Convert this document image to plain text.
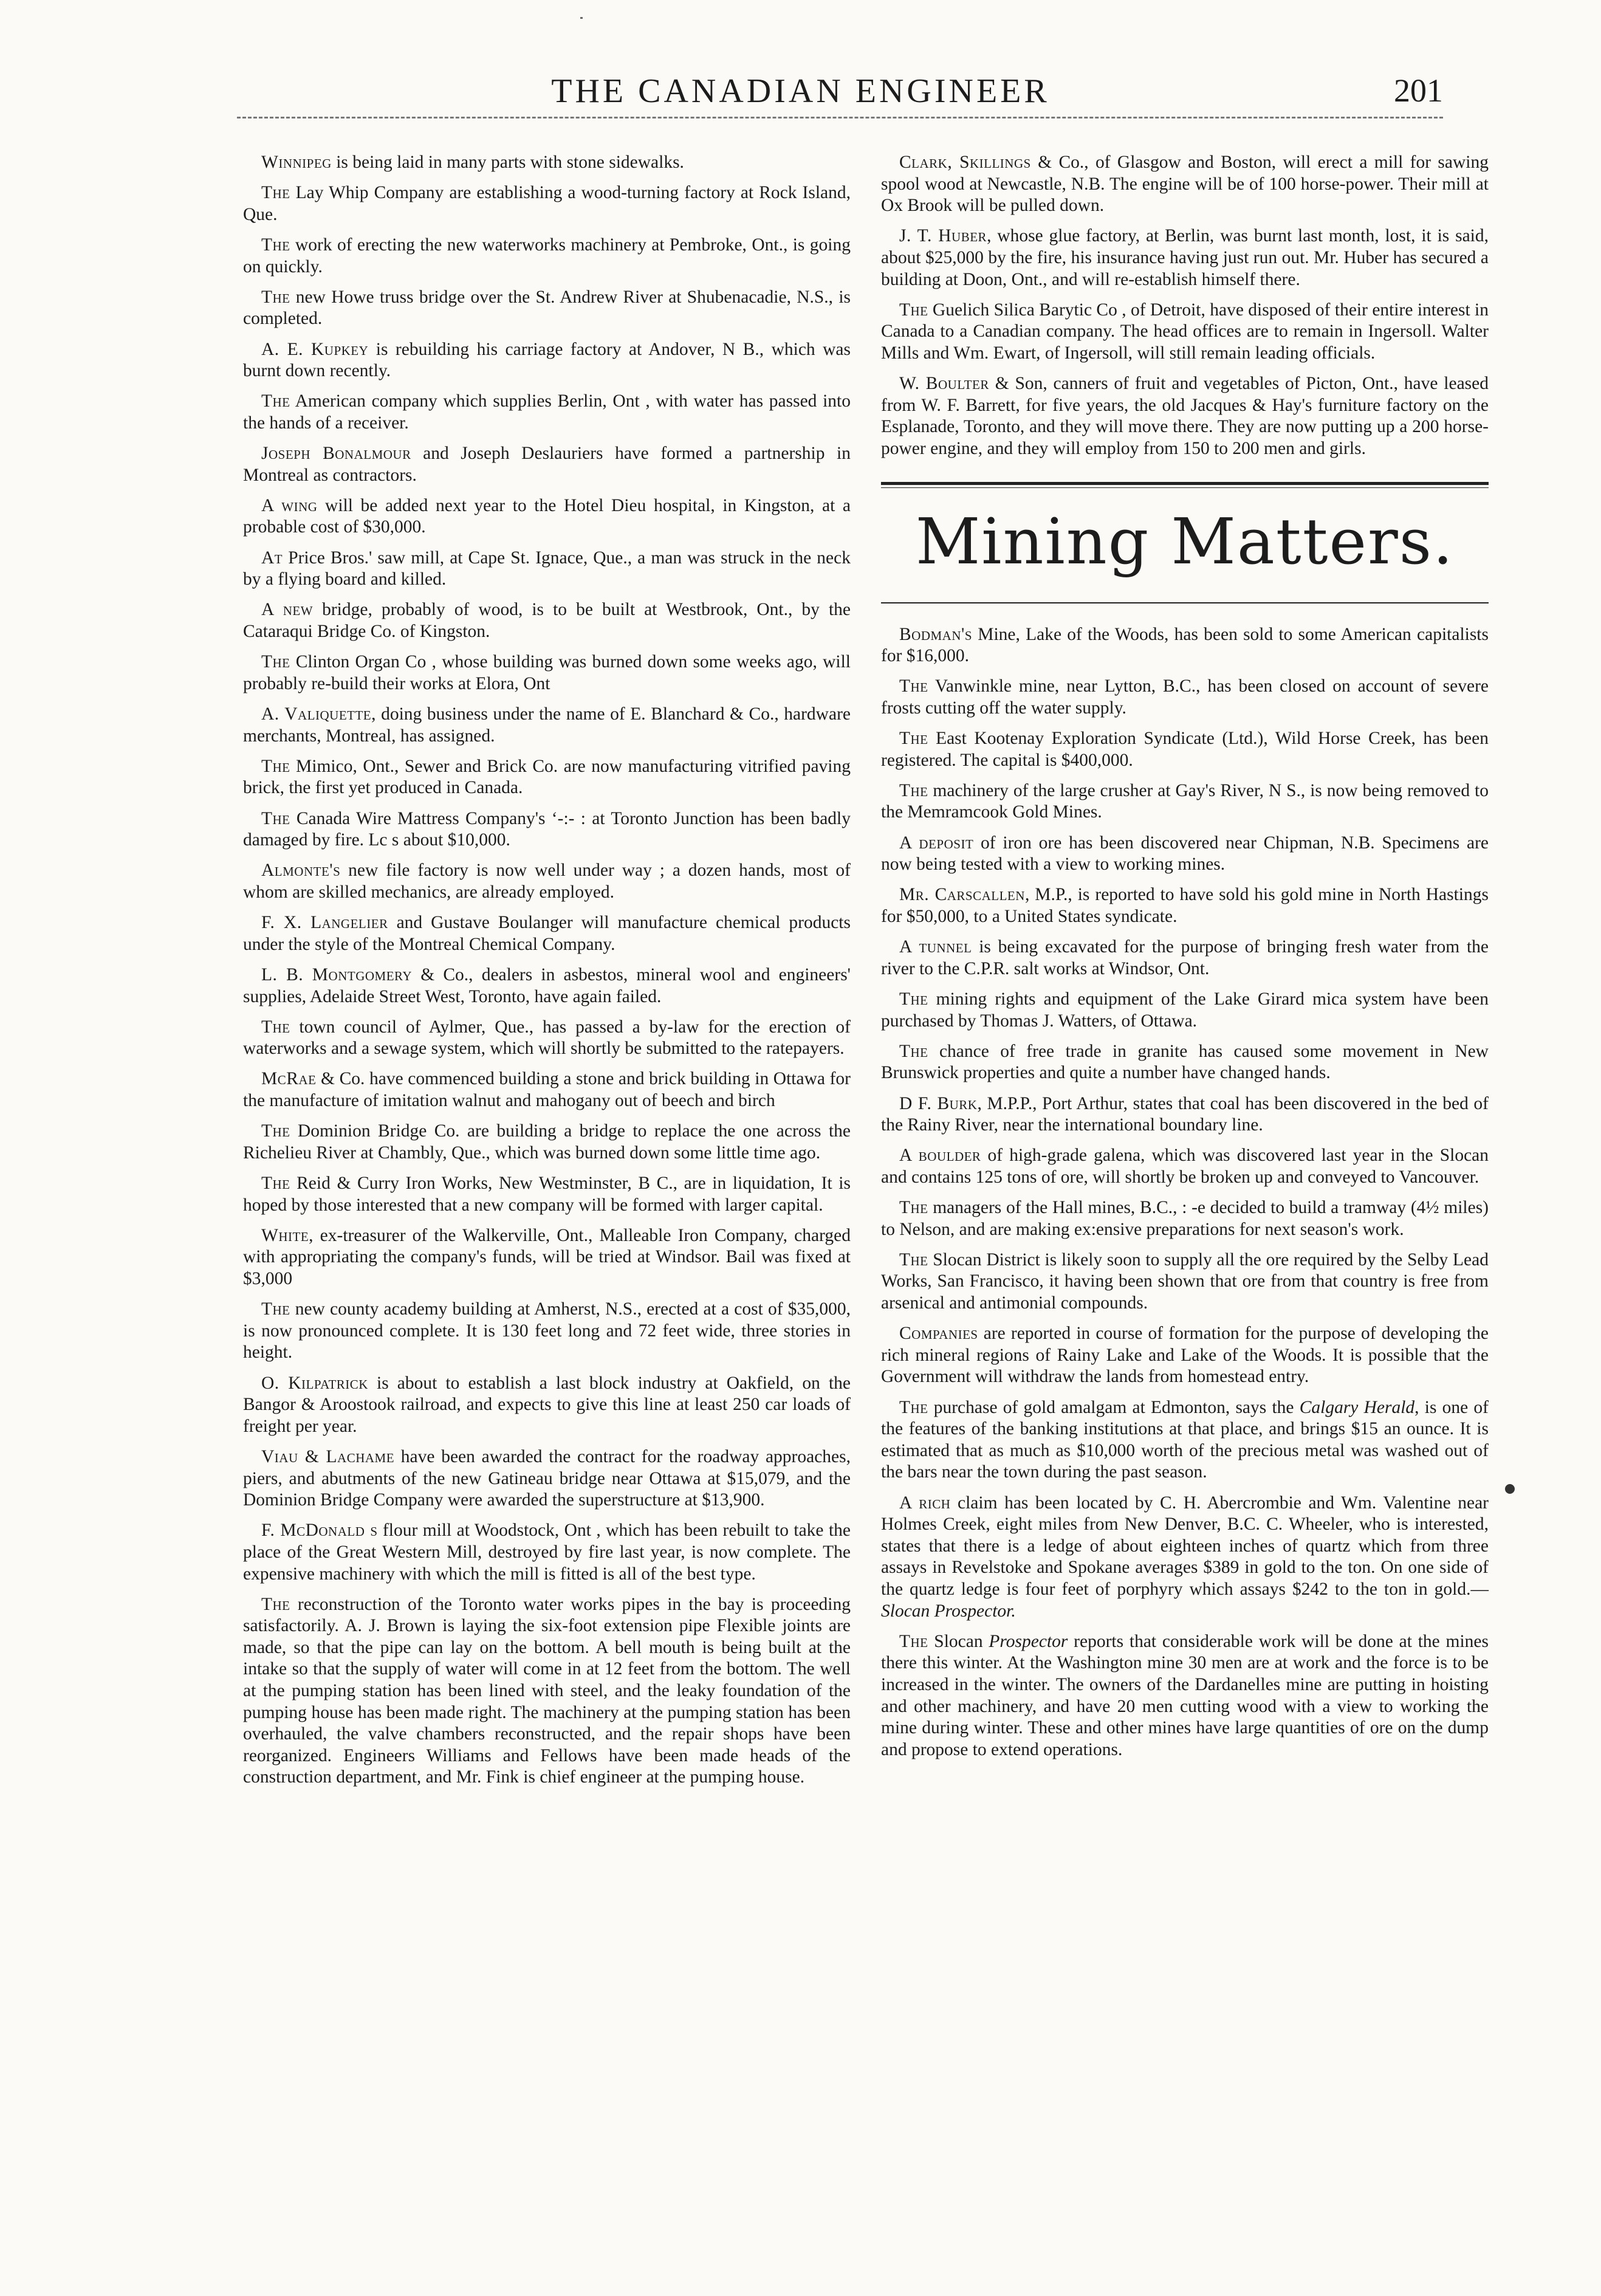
THE CANADIAN ENGINEER	201

Winnipeg is being laid in many parts with stone sidewalks.

The Lay Whip Company are establishing a wood-turning factory at Rock Island, Que.

The work of erecting the new waterworks machinery at Pembroke, Ont., is going on quickly.

The new Howe truss bridge over the St. Andrew River at Shubenacadie, N.S., is completed.

A. E. Kupkey is rebuilding his carriage factory at Andover, N B., which was burnt down recently.

The American company which supplies Berlin, Ont , with water has passed into the hands of a receiver.

Joseph Bonalmour and Joseph Deslauriers have formed a partnership in Montreal as contractors.

A wing will be added next year to the Hotel Dieu hospital, in Kingston, at a probable cost of $30,000.

At Price Bros.' saw mill, at Cape St. Ignace, Que., a man was struck in the neck by a flying board and killed.

A new bridge, probably of wood, is to be built at Westbrook, Ont., by the Cataraqui Bridge Co. of Kingston.

The Clinton Organ Co , whose building was burned down some weeks ago, will probably re-build their works at Elora, Ont

A. Valiquette, doing business under the name of E. Blanchard & Co., hardware merchants, Montreal, has assigned.

The Mimico, Ont., Sewer and Brick Co. are now manufacturing vitrified paving brick, the first yet produced in Canada.

The Canada Wire Mattress Company's ‘-:- : at Toronto Junction has been badly damaged by fire. Lc s about $10,000.

Almonte's new file factory is now well under way ; a dozen hands, most of whom are skilled mechanics, are already employed.

F. X. Langelier and Gustave Boulanger will manufacture chemical products under the style of the Montreal Chemical Company.

L. B. Montgomery & Co., dealers in asbestos, mineral wool and engineers' supplies, Adelaide Street West, Toronto, have again failed.

The town council of Aylmer, Que., has passed a by-law for the erection of waterworks and a sewage system, which will shortly be submitted to the ratepayers.

McRae & Co. have commenced building a stone and brick building in Ottawa for the manufacture of imitation walnut and mahogany out of beech and birch

The Dominion Bridge Co. are building a bridge to replace the one across the Richelieu River at Chambly, Que., which was burned down some little time ago.

The Reid & Curry Iron Works, New Westminster, B C., are in liquidation, It is hoped by those interested that a new company will be formed with larger capital.

White, ex-treasurer of the Walkerville, Ont., Malleable Iron Company, charged with appropriating the company's funds, will be tried at Windsor. Bail was fixed at $3,000

The new county academy building at Amherst, N.S., erected at a cost of $35,000, is now pronounced complete. It is 130 feet long and 72 feet wide, three stories in height.

O. Kilpatrick is about to establish a last block industry at Oakfield, on the Bangor & Aroostook railroad, and expects to give this line at least 250 car loads of freight per year.

Viau & Lachame have been awarded the contract for the roadway approaches, piers, and abutments of the new Gatineau bridge near Ottawa at $15,079, and the Dominion Bridge Company were awarded the superstructure at $13,900.

F. McDonald s flour mill at Woodstock, Ont , which has been rebuilt to take the place of the Great Western Mill, destroyed by fire last year, is now complete. The expensive machinery with which the mill is fitted is all of the best type.

The reconstruction of the Toronto water works pipes in the bay is proceeding satisfactorily. A. J. Brown is laying the six-foot extension pipe Flexible joints are made, so that the pipe can lay on the bottom. A bell mouth is being built at the intake so that the supply of water will come in at 12 feet from the bottom. The well at the pumping station has been lined with steel, and the leaky foundation of the pumping house has been made right. The machinery at the pumping station has been overhauled, the valve chambers reconstructed, and the repair shops have been reorganized. Engineers Williams and Fellows have been made heads of the construction department, and Mr. Fink is chief engineer at the pumping house.

Clark, Skillings & Co., of Glasgow and Boston, will erect a mill for sawing spool wood at Newcastle, N.B. The engine will be of 100 horse-power. Their mill at Ox Brook will be pulled down.

J. T. Huber, whose glue factory, at Berlin, was burnt last month, lost, it is said, about $25,000 by the fire, his insurance having just run out. Mr. Huber has secured a building at Doon, Ont., and will re-establish himself there.

The Guelich Silica Barytic Co , of Detroit, have disposed of their entire interest in Canada to a Canadian company. The head offices are to remain in Ingersoll. Walter Mills and Wm. Ewart, of Ingersoll, will still remain leading officials.

W. Boulter & Son, canners of fruit and vegetables of Picton, Ont., have leased from W. F. Barrett, for five years, the old Jacques & Hay's furniture factory on the Esplanade, Toronto, and they will move there. They are now putting up a 200 horse-power engine, and they will employ from 150 to 200 men and girls.

Mining Matters.

Bodman's Mine, Lake of the Woods, has been sold to some American capitalists for $16,000.

The Vanwinkle mine, near Lytton, B.C., has been closed on account of severe frosts cutting off the water supply.

The East Kootenay Exploration Syndicate (Ltd.), Wild Horse Creek, has been registered. The capital is $400,000.

The machinery of the large crusher at Gay's River, N S., is now being removed to the Memramcook Gold Mines.

A deposit of iron ore has been discovered near Chipman, N.B. Specimens are now being tested with a view to working mines.

Mr. Carscallen, M.P., is reported to have sold his gold mine in North Hastings for $50,000, to a United States syndicate.

A tunnel is being excavated for the purpose of bringing fresh water from the river to the C.P.R. salt works at Windsor, Ont.

The mining rights and equipment of the Lake Girard mica system have been purchased by Thomas J. Watters, of Ottawa.

The chance of free trade in granite has caused some movement in New Brunswick properties and quite a number have changed hands.

D F. Burk, M.P.P., Port Arthur, states that coal has been discovered in the bed of the Rainy River, near the international boundary line.

A boulder of high-grade galena, which was discovered last year in the Slocan and contains 125 tons of ore, will shortly be broken up and conveyed to Vancouver.

The managers of the Hall mines, B.C., : -e decided to build a tramway (4½ miles) to Nelson, and are making ex:ensive preparations for next season's work.

The Slocan District is likely soon to supply all the ore required by the Selby Lead Works, San Francisco, it having been shown that ore from that country is free from arsenical and antimonial compounds.

Companies are reported in course of formation for the purpose of developing the rich mineral regions of Rainy Lake and Lake of the Woods. It is possible that the Government will withdraw the lands from homestead entry.

The purchase of gold amalgam at Edmonton, says the Calgary Herald, is one of the features of the banking institutions at that place, and brings $15 an ounce. It is estimated that as much as $10,000 worth of the precious metal was washed out of the bars near the town during the past season.

A rich claim has been located by C. H. Abercrombie and Wm. Valentine near Holmes Creek, eight miles from New Denver, B.C. C. Wheeler, who is interested, states that there is a ledge of about eighteen inches of quartz which from three assays in Revelstoke and Spokane averages $389 in gold to the ton. On one side of the quartz ledge is four feet of porphyry which assays $242 to the ton in gold.—Slocan Prospector.

The Slocan Prospector reports that considerable work will be done at the mines there this winter. At the Washington mine 30 men are at work and the force is to be increased in the winter. The owners of the Dardanelles mine are putting in hoisting and other machinery, and have 20 men cutting wood with a view to working the mine during winter. These and other mines have large quantities of ore on the dump and propose to extend operations.
